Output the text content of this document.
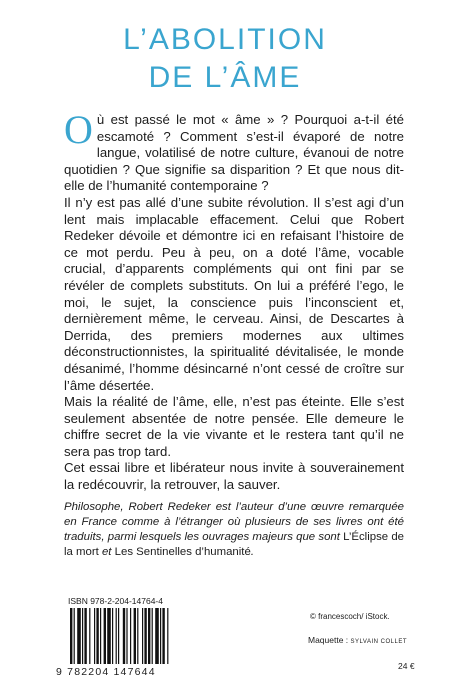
L’ABOLITION
DE L’ÂME

Où est passé le mot « âme » ? Pourquoi a-t-il été escamoté ? Comment s’est-il évaporé de notre langue, volatilisé de notre culture, évanoui de notre quotidien ? Que signifie sa disparition ? Et que nous dit-elle de l’humanité contemporaine ?

Il n’y est pas allé d’une subite révolution. Il s’est agi d’un lent mais implacable effacement. Celui que Robert Redeker dévoile et démontre ici en refaisant l’histoire de ce mot perdu. Peu à peu, on a doté l’âme, vocable crucial, d’apparents compléments qui ont fini par se révéler de complets substituts. On lui a préféré l’ego, le moi, le sujet, la conscience puis l’inconscient et, dernièrement même, le cerveau. Ainsi, de Descartes à Derrida, des premiers modernes aux ultimes déconstructionnistes, la spiritualité dévitalisée, le monde désanimé, l’homme désincarné n’ont cessé de croître sur l’âme désertée.

Mais la réalité de l’âme, elle, n’est pas éteinte. Elle s’est seulement absentée de notre pensée. Elle demeure le chiffre secret de la vie vivante et le restera tant qu’il ne sera pas trop tard.

Cet essai libre et libérateur nous invite à souverainement la redécouvrir, la retrouver, la sauver.

Philosophe, Robert Redeker est l’auteur d’une œuvre remarquée en France comme à l’étranger où plusieurs de ses livres ont été traduits, parmi lesquels les ouvrages majeurs que sont L’Éclipse de la mort et Les Sentinelles d’humanité.
ISBN 978-2-204-14764-4
9 782204 147644
© francescoch/ iStock.
Maquette : SYLVAIN COLLET
24 €
